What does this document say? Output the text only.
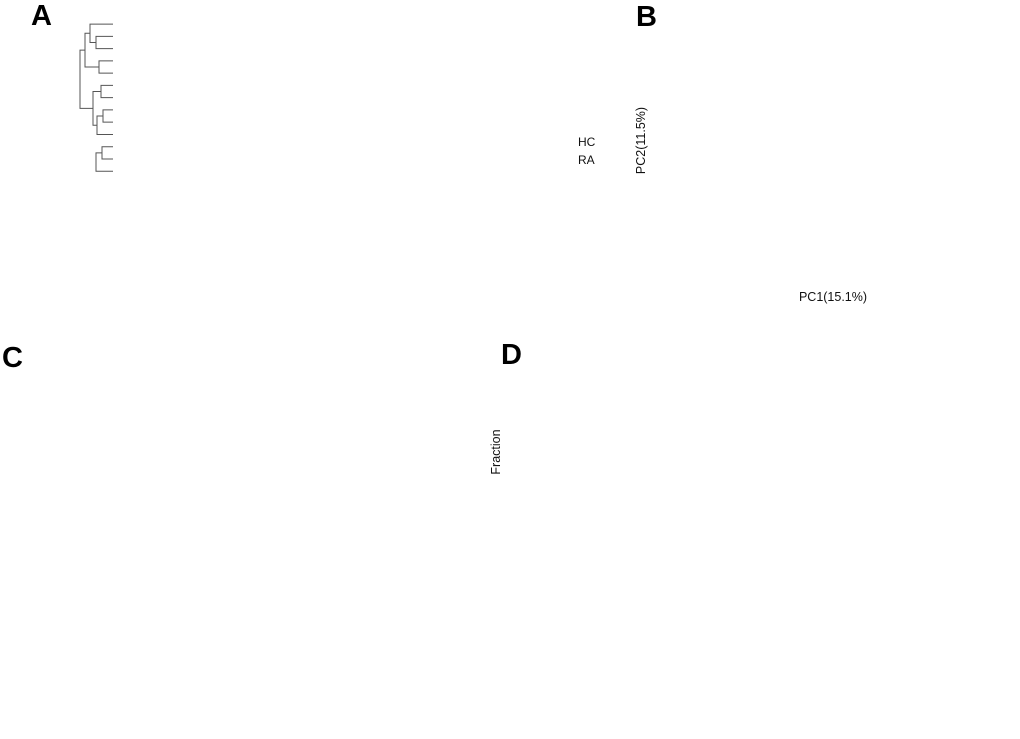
A
HC
RA
B
PC1(15.1%)
PC2(11.5%)
C	D
Fraction
